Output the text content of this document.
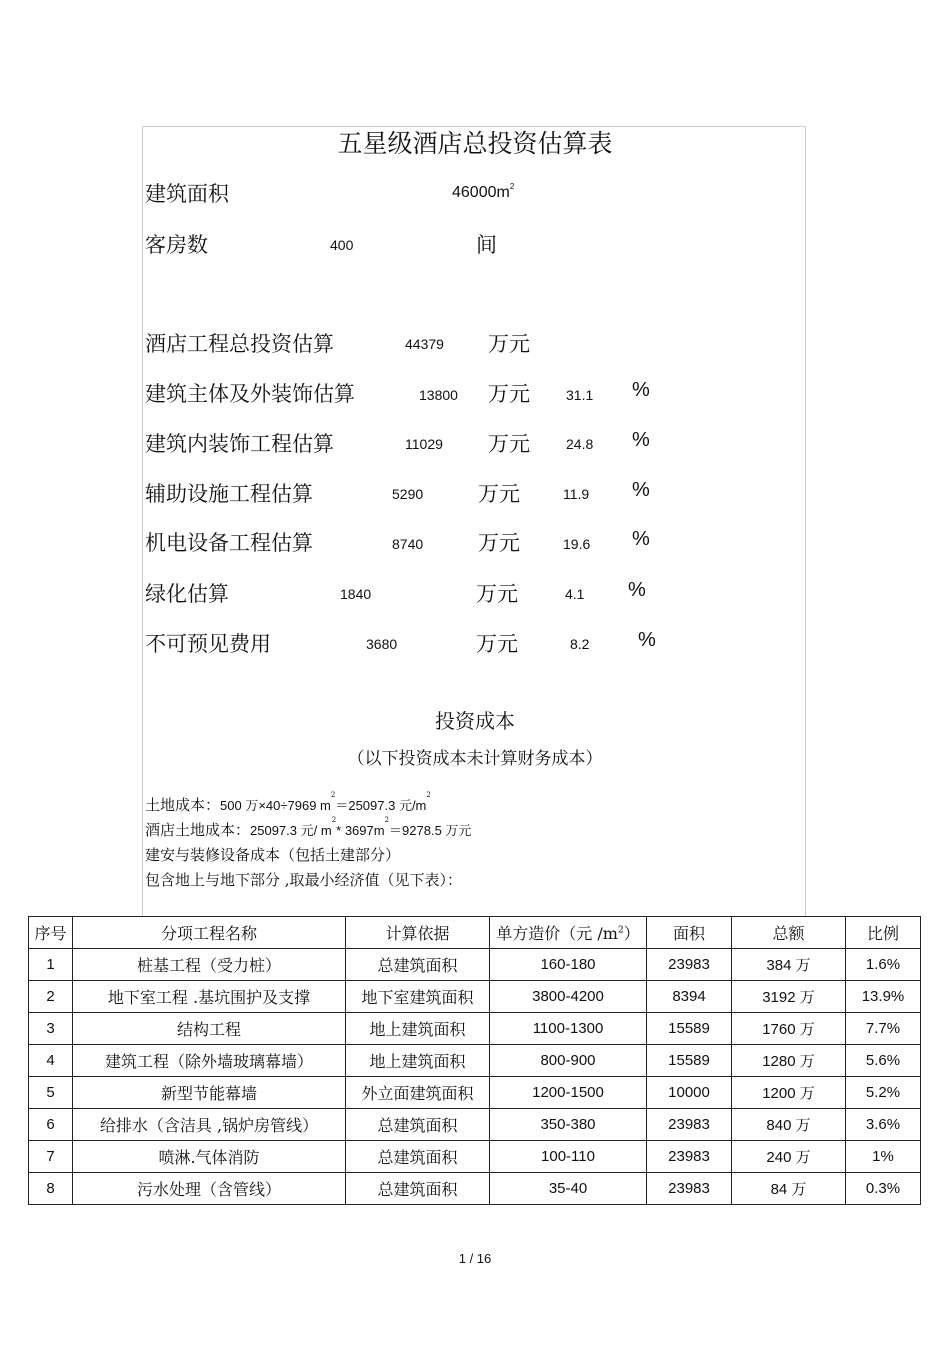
五星级酒店总投资估算表
建筑面积	$46000m^2$
客房数	400	间
酒店工程总投资估算	44379 万元
建筑主体及外装饰估算	13800 万元	31.1 %
建筑内装饰工程估算	11029 万元	24.8 %
辅助设施工程估算	5290	万元	11.9 %
机电设备工程估算	8740	万元	19.6 %
绿化估算	1840	万元	4.1 %
不可预见费用	3680	万元	8.2 %
投资成本
（以下投资成本未计算财务成本）
土地成本：500 万×40÷7969 $m^2=25097.3$ 元$/m^2$
酒店土地成本：25097.3 元/ $m^2*$ $3697m^2=9278.5$ 万元
建安与装修设备成本（包括土建部分）
包含地上与地下部分 ,取最小经济值（见下表）：
序号	分项工程名称	计算依据	单方造价（元 $/m^2$）	面积	总额	比例
1	桩基工程（受力桩）	总建筑面积	160-180	23983	384 万	1.6%
2	地下室工程 .基坑围护及支撑	地下室建筑面积	3800-4200	8394	3192 万	13.9%
3	结构工程	地上建筑面积	1100-1300	15589	1760 万	7.7%
4	建筑工程（除外墙玻璃幕墙）	地上建筑面积	800-900	15589	1280 万	5.6%
5	新型节能幕墙	外立面建筑面积	1200-1500	10000	1200 万	5.2%
6	给排水（含洁具 ,锅炉房管线）	总建筑面积	350-380	23983	840 万	3.6%
7	喷淋.气体消防	总建筑面积	100-110	23983	240 万	1%
8	污水处理（含管线）	总建筑面积	35-40	23983	84 万	0.3%
1 / 16
